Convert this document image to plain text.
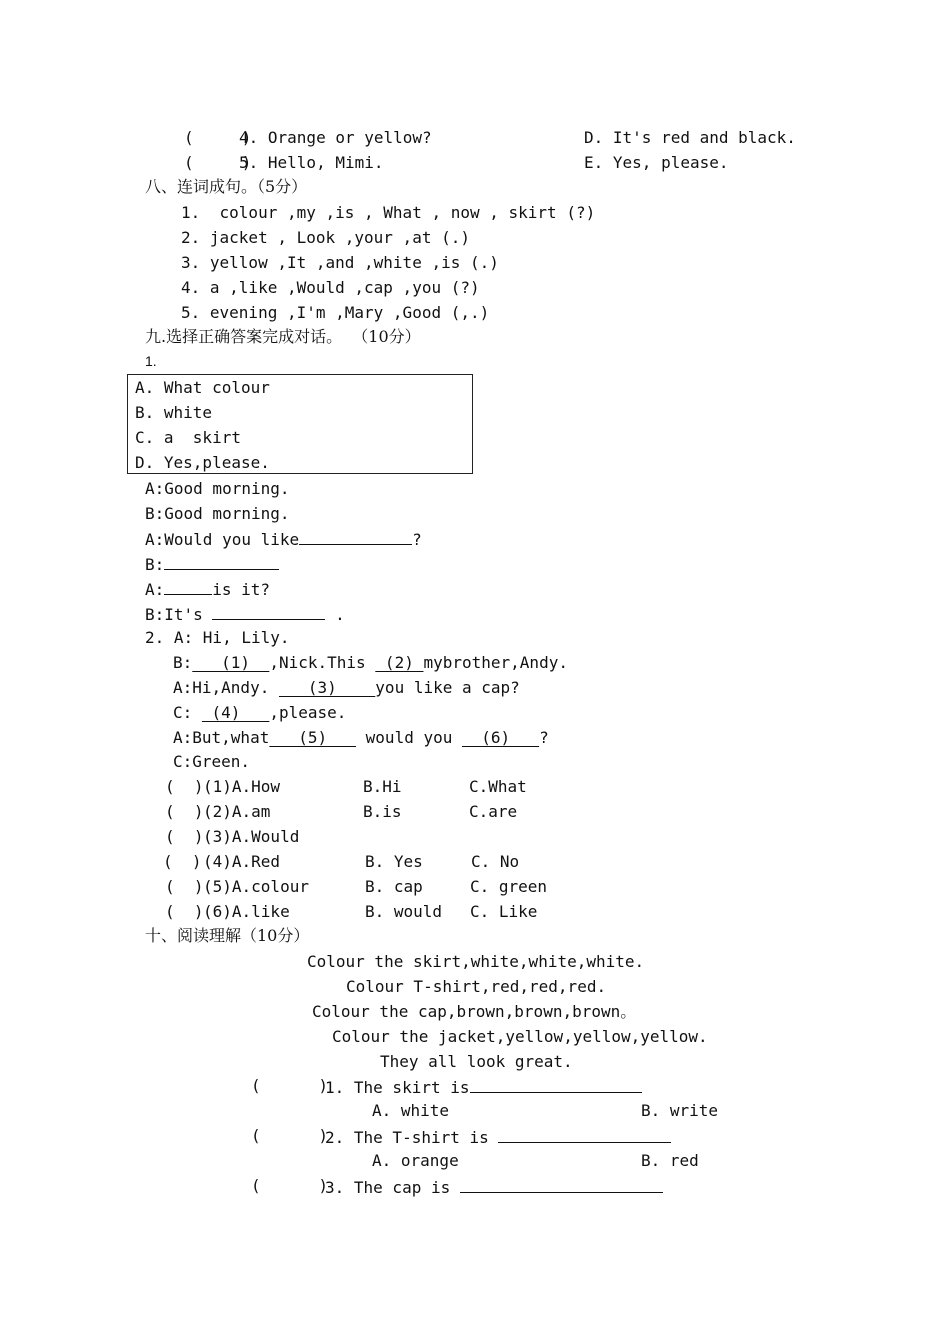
(     )
4. Orange or yellow?	D. It's red and black.
(     )
5. Hello, Mimi.	E. Yes, please.
八、连词成句。（5分）
1.  colour ,my ,is , What , now , skirt (?)
2. jacket , Look ,your ,at (.)
3. yellow ,It ,and ,white ,is (.)
4. a ,like ,Would ,cap ,you (?)
5. evening ,I'm ,Mary ,Good (,.)
九.选择正确答案完成对话。  （10分）
1.
A. What colour
B. white
C. a  skirt
D. Yes,please.
A:Good morning.
B:Good morning.
A:Would you like	?
B:
A:	is it?
B:It's	.
2. A: Hi, Lily.
B:   (1)  ,Nick.This  (2) mybrother,Andy.
A:Hi,Andy.    (3)    you like a cap?
C:  (4)   ,please.
A:But,what   (5)    would you   (6)   ?
C:Green.
(  ) (1)A.How	B.Hi	C.What
(  ) (2)A.am	B.is	C.are
(  ) (3)A.Would
(  ) (4)A.Red	B. Yes	C. No
(  ) (5)A.colour	B. cap	C. green
(  ) (6)A.like	B. would C. Like
十、阅读理解（10分）
Colour the skirt,white,white,white.
Colour T-shirt,red,red,red.
Colour the cap,brown,brown,brown。
Colour the jacket,yellow,yellow,yellow.
They all look great.
(      )
1. The skirt is
A. white	B. write
(      )
2. The T-shirt is
A. orange	B. red
(      )
3. The cap is
